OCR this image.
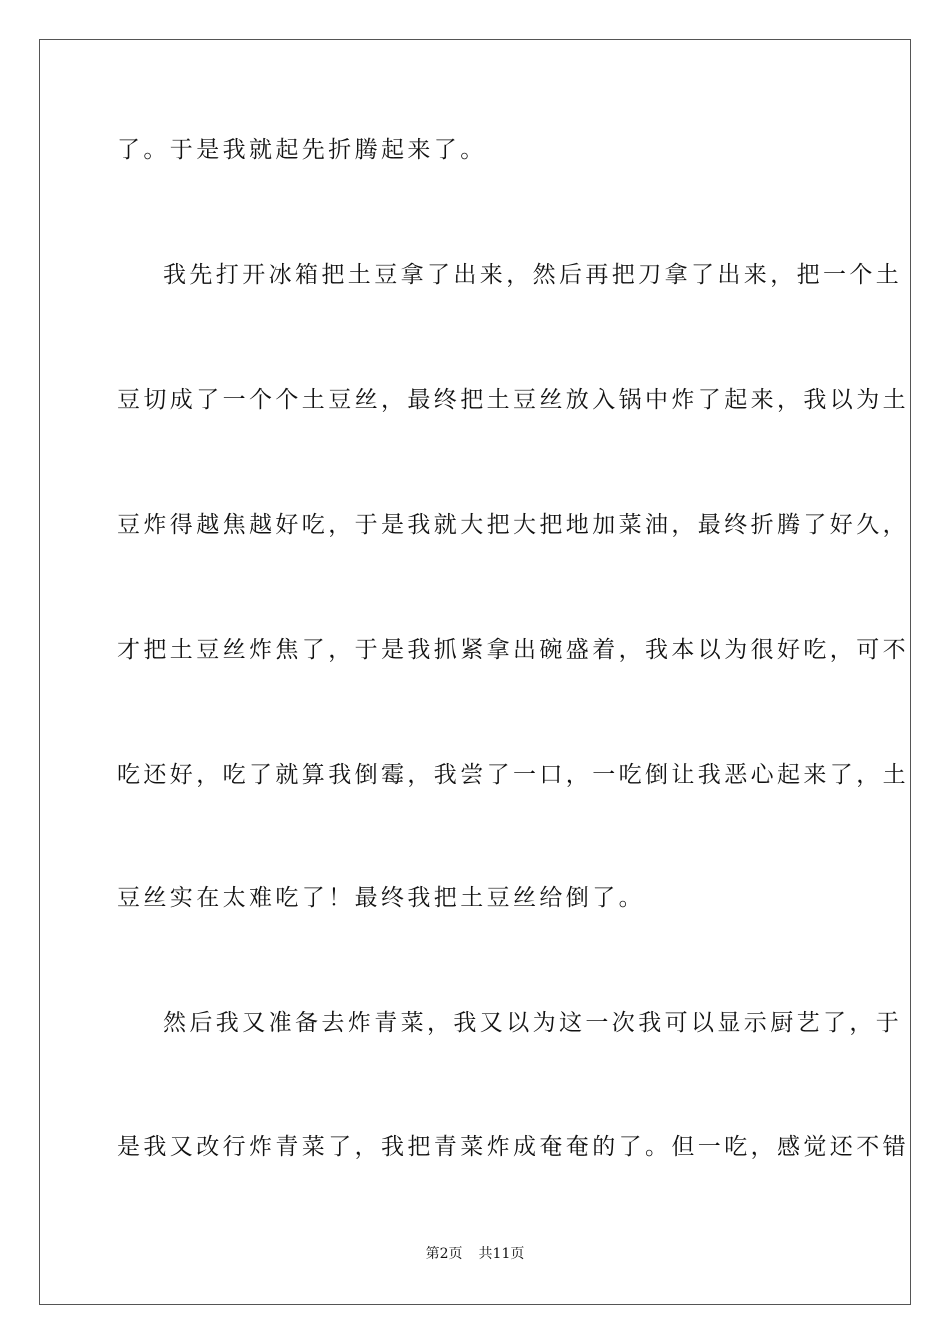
了。于是我就起先折腾起来了。
我先打开冰箱把土豆拿了出来，然后再把刀拿了出来，把一个土
豆切成了一个个土豆丝，最终把土豆丝放入锅中炸了起来，我以为土
豆炸得越焦越好吃，于是我就大把大把地加菜油，最终折腾了好久，
才把土豆丝炸焦了，于是我抓紧拿出碗盛着，我本以为很好吃，可不
吃还好，吃了就算我倒霉，我尝了一口，一吃倒让我恶心起来了，土
豆丝实在太难吃了！最终我把土豆丝给倒了。
然后我又准备去炸青菜，我又以为这一次我可以显示厨艺了，于
是我又改行炸青菜了，我把青菜炸成奄奄的了。但一吃，感觉还不错
第2页 共11页
